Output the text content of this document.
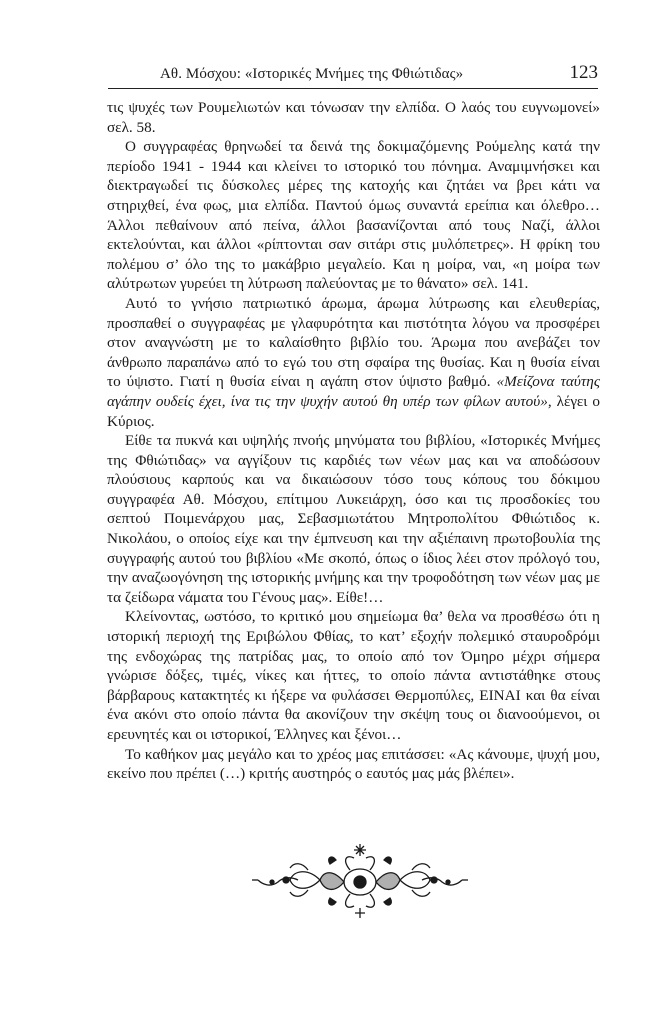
Αθ. Μόσχου: «Ιστορικές Μνήμες της Φθιώτιδας»	123

τις ψυχές των Ρουμελιωτών και τόνωσαν την ελπίδα. Ο λαός του ευγνωμονεί» σελ. 58.

Ο συγγραφέας θρηνωδεί τα δεινά της δοκιμαζόμενης Ρούμελης κατά την περίοδο 1941 - 1944 και κλείνει το ιστορικό του πόνημα. Αναμιμνήσκει και διεκτραγωδεί τις δύσκολες μέρες της κατοχής και ζητάει να βρει κάτι να στηριχθεί, ένα φως, μια ελπίδα. Παντού όμως συναντά ερείπια και όλεθρο… Άλλοι πεθαίνουν από πείνα, άλλοι βασανίζονται από τους Ναζί, άλλοι εκτελούνται, και άλλοι «ρίπτονται σαν σιτάρι στις μυλόπετρες». Η φρίκη του πολέμου σ’ όλο της το μακάβριο μεγαλείο. Και η μοίρα, ναι, «η μοίρα των αλύτρωτων γυρεύει τη λύτρωση παλεύοντας με το θάνατο» σελ. 141.

Αυτό το γνήσιο πατριωτικό άρωμα, άρωμα λύτρωσης και ελευθερίας, προσπαθεί ο συγγραφέας με γλαφυρότητα και πιστότητα λόγου να προσφέρει στον αναγνώστη με το καλαίσθητο βιβλίο του. Άρωμα που ανεβάζει τον άνθρωπο παραπάνω από το εγώ του στη σφαίρα της θυσίας. Και η θυσία είναι το ύψιστο. Γιατί η θυσία είναι η αγάπη στον ύψιστο βαθμό. «Μείζονα ταύτης αγάπην ουδείς έχει, ίνα τις την ψυχήν αυτού θη υπέρ των φίλων αυτού», λέγει ο Κύριος.

Είθε τα πυκνά και υψηλής πνοής μηνύματα του βιβλίου, «Ιστορικές Μνήμες της Φθιώτιδας» να αγγίξουν τις καρδιές των νέων μας και να αποδώσουν πλούσιους καρπούς και να δικαιώσουν τόσο τους κόπους του δόκιμου συγγραφέα Αθ. Μόσχου, επίτιμου Λυκειάρχη, όσο και τις προσδοκίες του σεπτού Ποιμενάρχου μας, Σεβασμιωτάτου Μητροπολίτου Φθιώτιδος κ. Νικολάου, ο οποίος είχε και την έμπνευση και την αξιέπαινη πρωτοβουλία της συγγραφής αυτού του βιβλίου «Με σκοπό, όπως ο ίδιος λέει στον πρόλογό του, την αναζωογόνηση της ιστορικής μνήμης και την τροφοδότηση των νέων μας με τα ζείδωρα νάματα του Γένους μας». Είθε!…

Κλείνοντας, ωστόσο, το κριτικό μου σημείωμα θα’ θελα να προσθέσω ότι η ιστορική περιοχή της Εριβώλου Φθίας, το κατ’ εξοχήν πολεμικό σταυροδρόμι της ενδοχώρας της πατρίδας μας, το οποίο από τον Όμηρο μέχρι σήμερα γνώρισε δόξες, τιμές, νίκες και ήττες, το οποίο πάντα αντιστάθηκε στους βάρβαρους κατακτητές κι ήξερε να φυλάσσει Θερμοπύλες, ΕΙΝΑΙ και θα είναι ένα ακόνι στο οποίο πάντα θα ακονίζουν την σκέψη τους οι διανοούμενοι, οι ερευνητές και οι ιστορικοί, Έλληνες και ξένοι…

Το καθήκον μας μεγάλο και το χρέος μας επιτάσσει: «Ας κάνουμε, ψυχή μου, εκείνο που πρέπει (…) κριτής αυστηρός ο εαυτός μας μάς βλέπει».
